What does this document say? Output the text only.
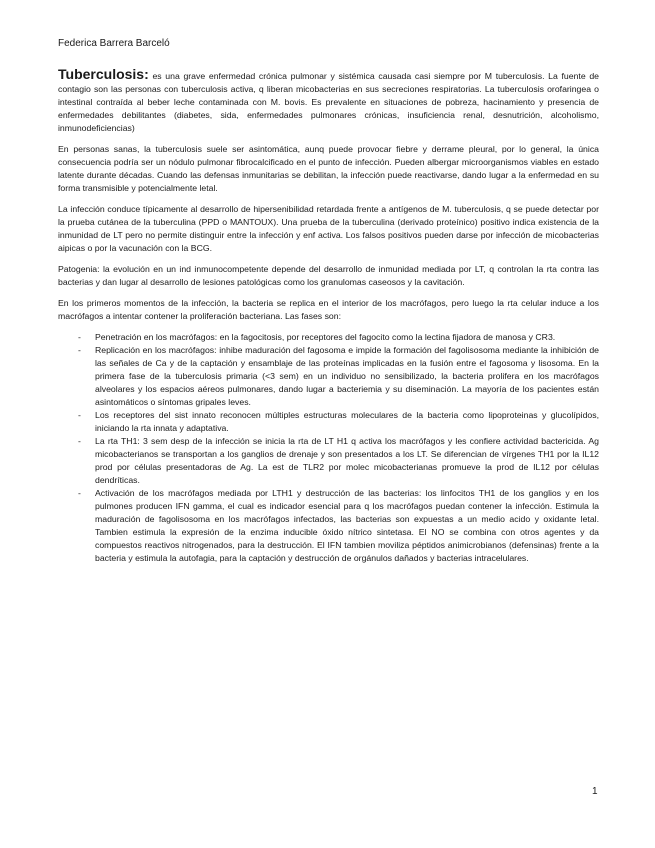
Federica Barrera Barceló

Tuberculosis: es una grave enfermedad crónica pulmonar y sistémica causada casi siempre por M tuberculosis. La fuente de contagio son las personas con tuberculosis activa, q liberan micobacterias en sus secreciones respiratorias. La tuberculosis orofaringea o intestinal contraída al beber leche contaminada con M. bovis. Es prevalente en situaciones de pobreza, hacinamiento y presencia de enfermedades debilitantes (diabetes, sida, enfermedades pulmonares crónicas, insuficiencia renal, desnutrición, alcoholismo, inmunodeficiencias)

En personas sanas, la tuberculosis suele ser asintomática, aunq puede provocar fiebre y derrame pleural, por lo general, la única consecuencia podría ser un nódulo pulmonar fibrocalcificado en el punto de infección. Pueden albergar microorganismos viables en estado latente durante décadas. Cuando las defensas inmunitarias se debilitan, la infección puede reactivarse, dando lugar a la enfermedad en su forma transmisible y potencialmente letal.

La infección conduce típicamente al desarrollo de hipersenibilidad retardada frente a antígenos de M. tuberculosis, q se puede detectar por la prueba cutánea de la tuberculina (PPD o MANTOUX). Una prueba de la tuberculina (derivado proteínico) positivo indica existencia de la inmunidad de LT pero no permite distinguir entre la infección y enf activa. Los falsos positivos pueden darse por infección de micobacterias aipicas o por la vacunación con la BCG.

Patogenia: la evolución en un ind inmunocompetente depende del desarrollo de inmunidad mediada por LT, q controlan la rta contra las bacterias y dan lugar al desarrollo de lesiones patológicas como los granulomas caseosos y la cavitación.

En los primeros momentos de la infección, la bacteria se replica en el interior de los macrófagos, pero luego la rta celular induce a los macrófagos a intentar contener la proliferación bacteriana. Las fases son:

- Penetración en los macrófagos: en la fagocitosis, por receptores del fagocito como la lectina fijadora de manosa y CR3.
- Replicación en los macrófagos: inhibe maduración del fagosoma e impide la formación del fagolisosoma mediante la inhibición de las señales de Ca y de la captación y ensamblaje de las proteínas implicadas en la fusión entre el fagosoma y lisosoma. En la primera fase de la tuberculosis primaria (<3 sem) en un individuo no sensibilizado, la bacteria prolifera en los macrófagos alveolares y los espacios aéreos pulmonares, dando lugar a bacteriemia y su diseminación. La mayoría de los pacientes están asintomáticos o síntomas gripales leves.
- Los receptores del sist innato reconocen múltiples estructuras moleculares de la bacteria como lipoproteinas y glucolípidos, iniciando la rta innata y adaptativa.
- La rta TH1: 3 sem desp de la infección se inicia la rta de LT H1 q activa los macrófagos y les confiere actividad bactericida. Ag micobacterianos se transportan a los ganglios de drenaje y son presentados a los LT. Se diferencian de vírgenes TH1 por la IL12 prod por células presentadoras de Ag. La est de TLR2 por molec micobacterianas promueve la prod de IL12 por células dendríticas.
- Activación de los macrófagos mediada por LTH1 y destrucción de las bacterias: los linfocitos TH1 de los ganglios y en los pulmones producen IFN gamma, el cual es indicador esencial para q los macrófagos puedan contener la infección. Estimula la maduración de fagolisosoma en los macrófagos infectados, las bacterias son expuestas a un medio acido y oxidante letal. Tambien estimula la expresión de la enzima inducible óxido nítrico sintetasa. El NO se combina con otros agentes y da compuestos reactivos nitrogenados, para la destrucción. El IFN tambien moviliza péptidos animicrobianos (defensinas) frente a la bacteria y estimula la autofagia, para la captación y destrucción de orgánulos dañados y bacterias intracelulares.
1
